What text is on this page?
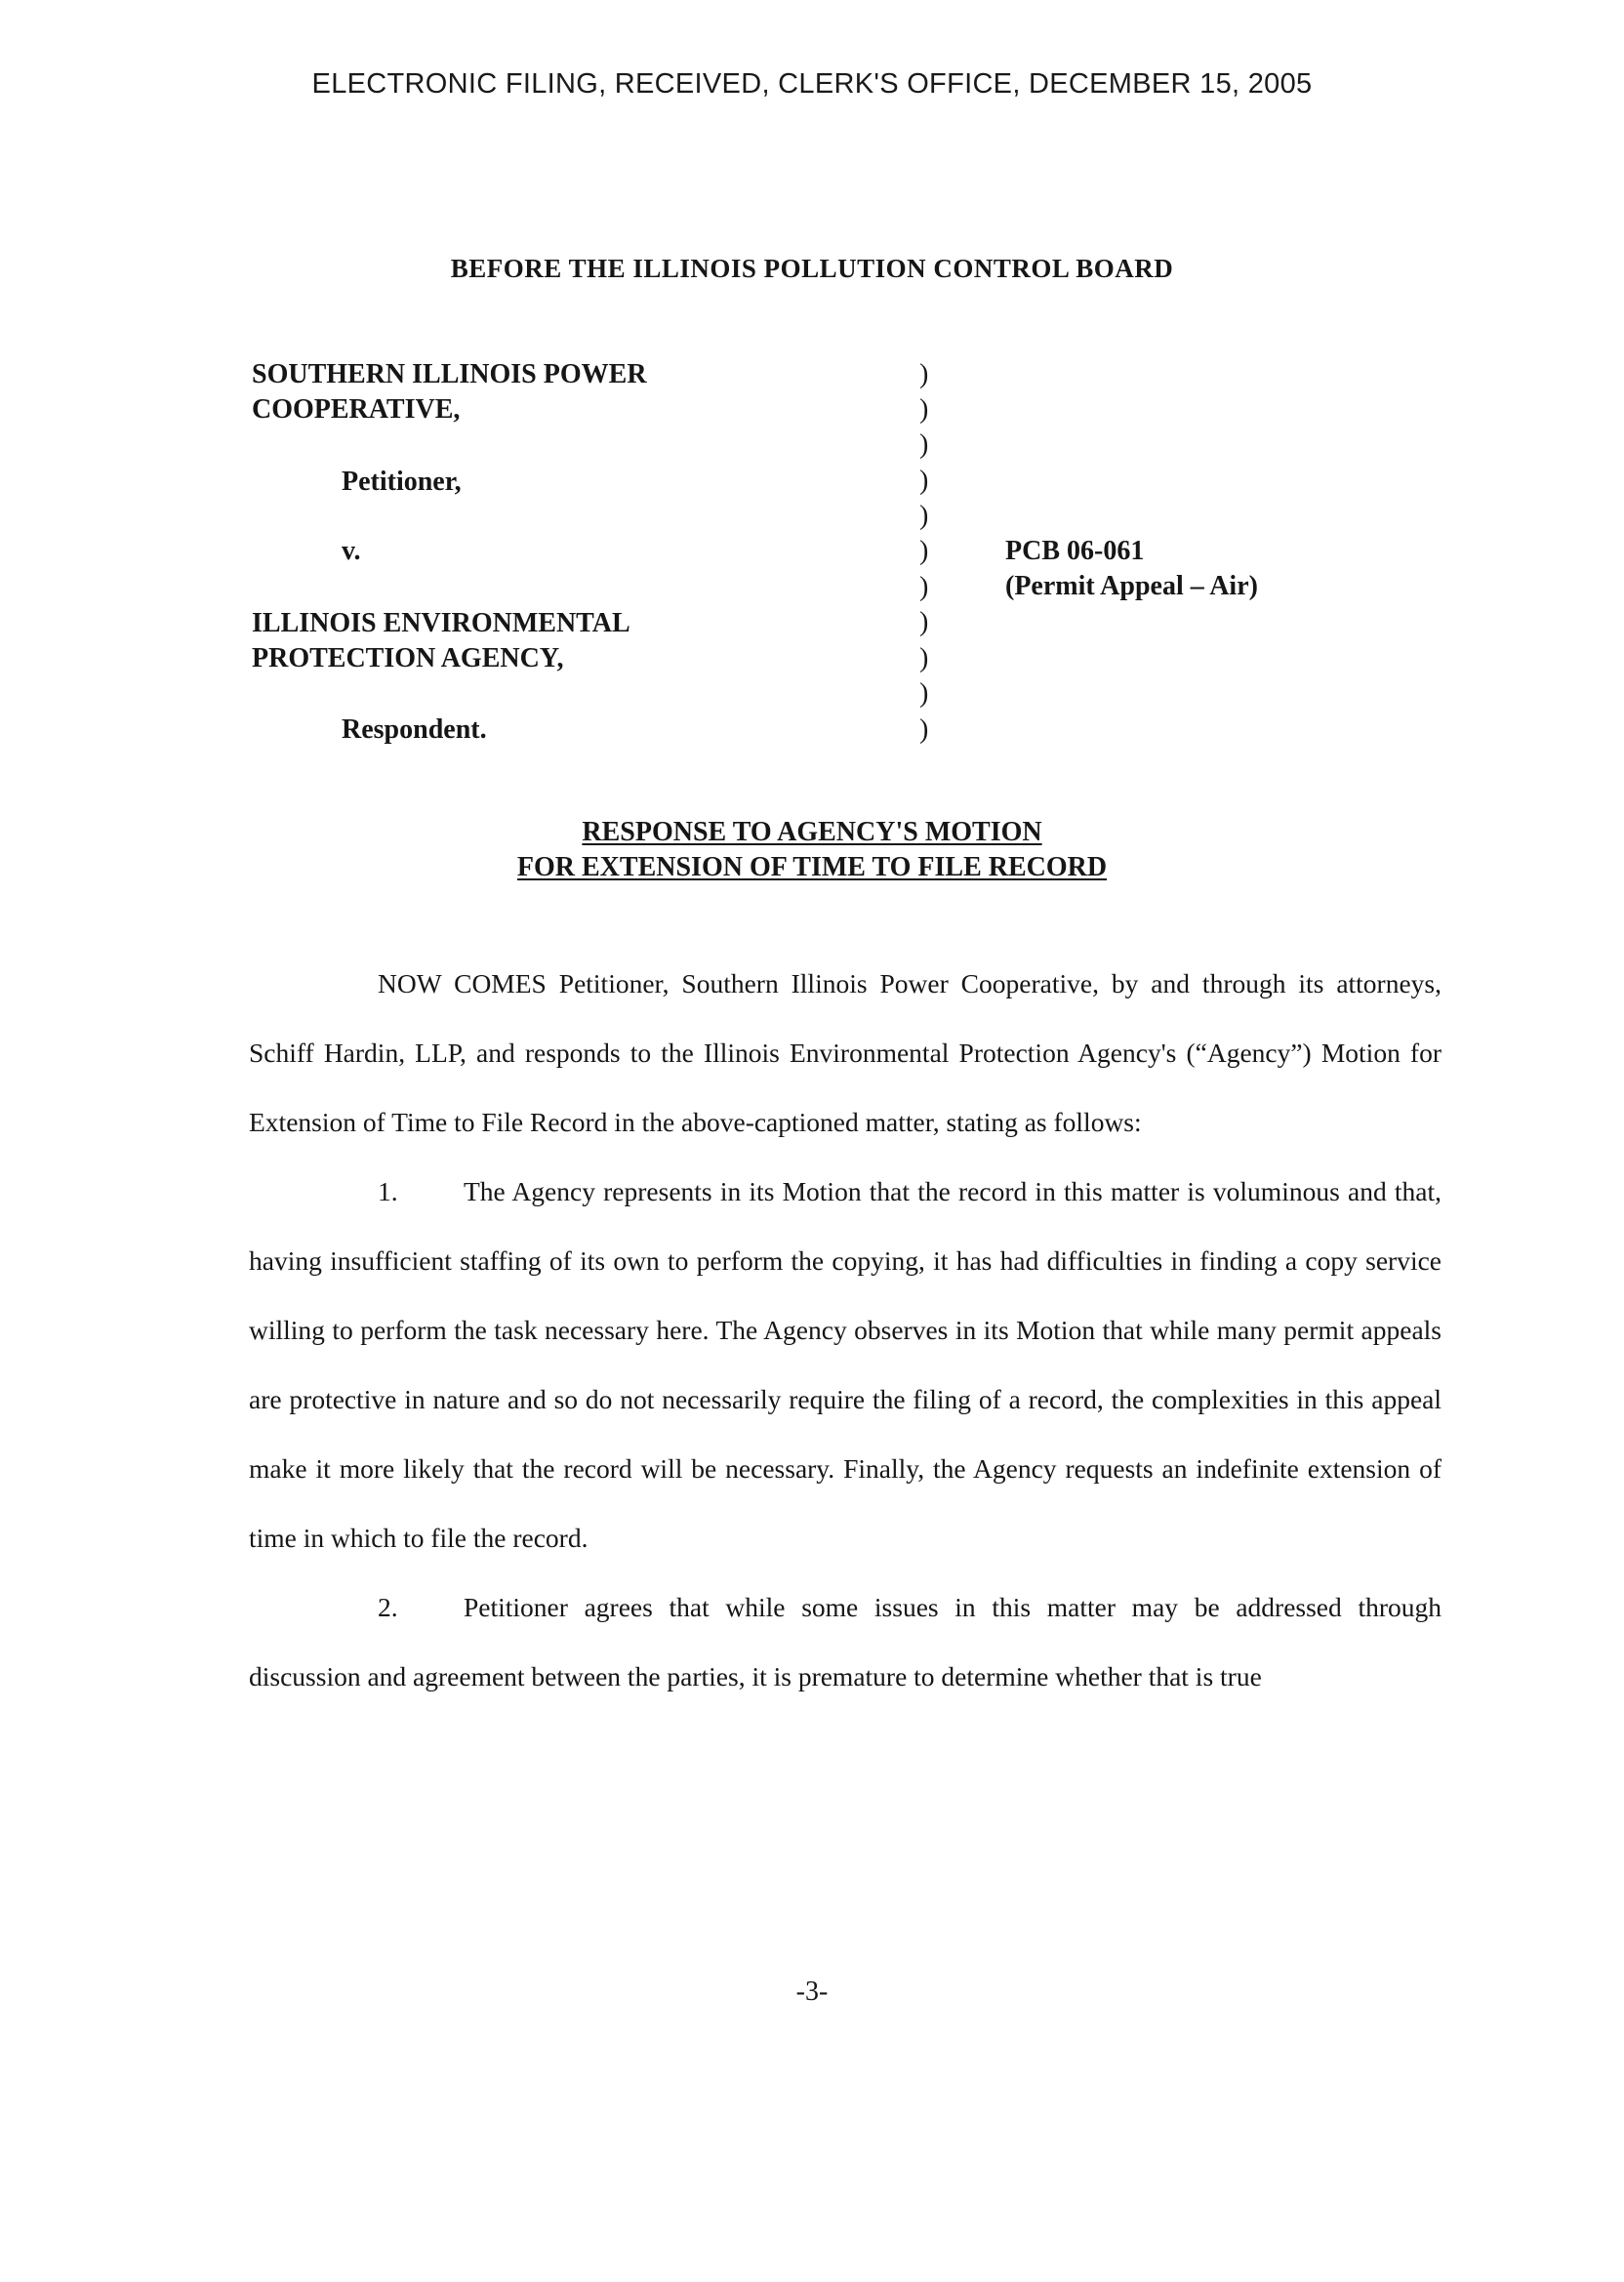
ELECTRONIC FILING, RECEIVED, CLERK'S OFFICE, DECEMBER 15, 2005
BEFORE THE ILLINOIS POLLUTION CONTROL BOARD
SOUTHERN ILLINOIS POWER
COOPERATIVE,
Petitioner,
v.
ILLINOIS ENVIRONMENTAL
PROTECTION AGENCY,
Respondent.
)
)
)
)
)
)
)
)
)
)
)
PCB 06-061
(Permit Appeal – Air)
RESPONSE TO AGENCY'S MOTION
FOR EXTENSION OF TIME TO FILE RECORD

NOW COMES Petitioner, Southern Illinois Power Cooperative, by and through its attorneys, Schiff Hardin, LLP, and responds to the Illinois Environmental Protection Agency's (“Agency”) Motion for Extension of Time to File Record in the above-captioned matter, stating as follows:

1. The Agency represents in its Motion that the record in this matter is voluminous and that, having insufficient staffing of its own to perform the copying, it has had difficulties in finding a copy service willing to perform the task necessary here. The Agency observes in its Motion that while many permit appeals are protective in nature and so do not necessarily require the filing of a record, the complexities in this appeal make it more likely that the record will be necessary. Finally, the Agency requests an indefinite extension of time in which to file the record.

2. Petitioner agrees that while some issues in this matter may be addressed through discussion and agreement between the parties, it is premature to determine whether that is true

-3-
